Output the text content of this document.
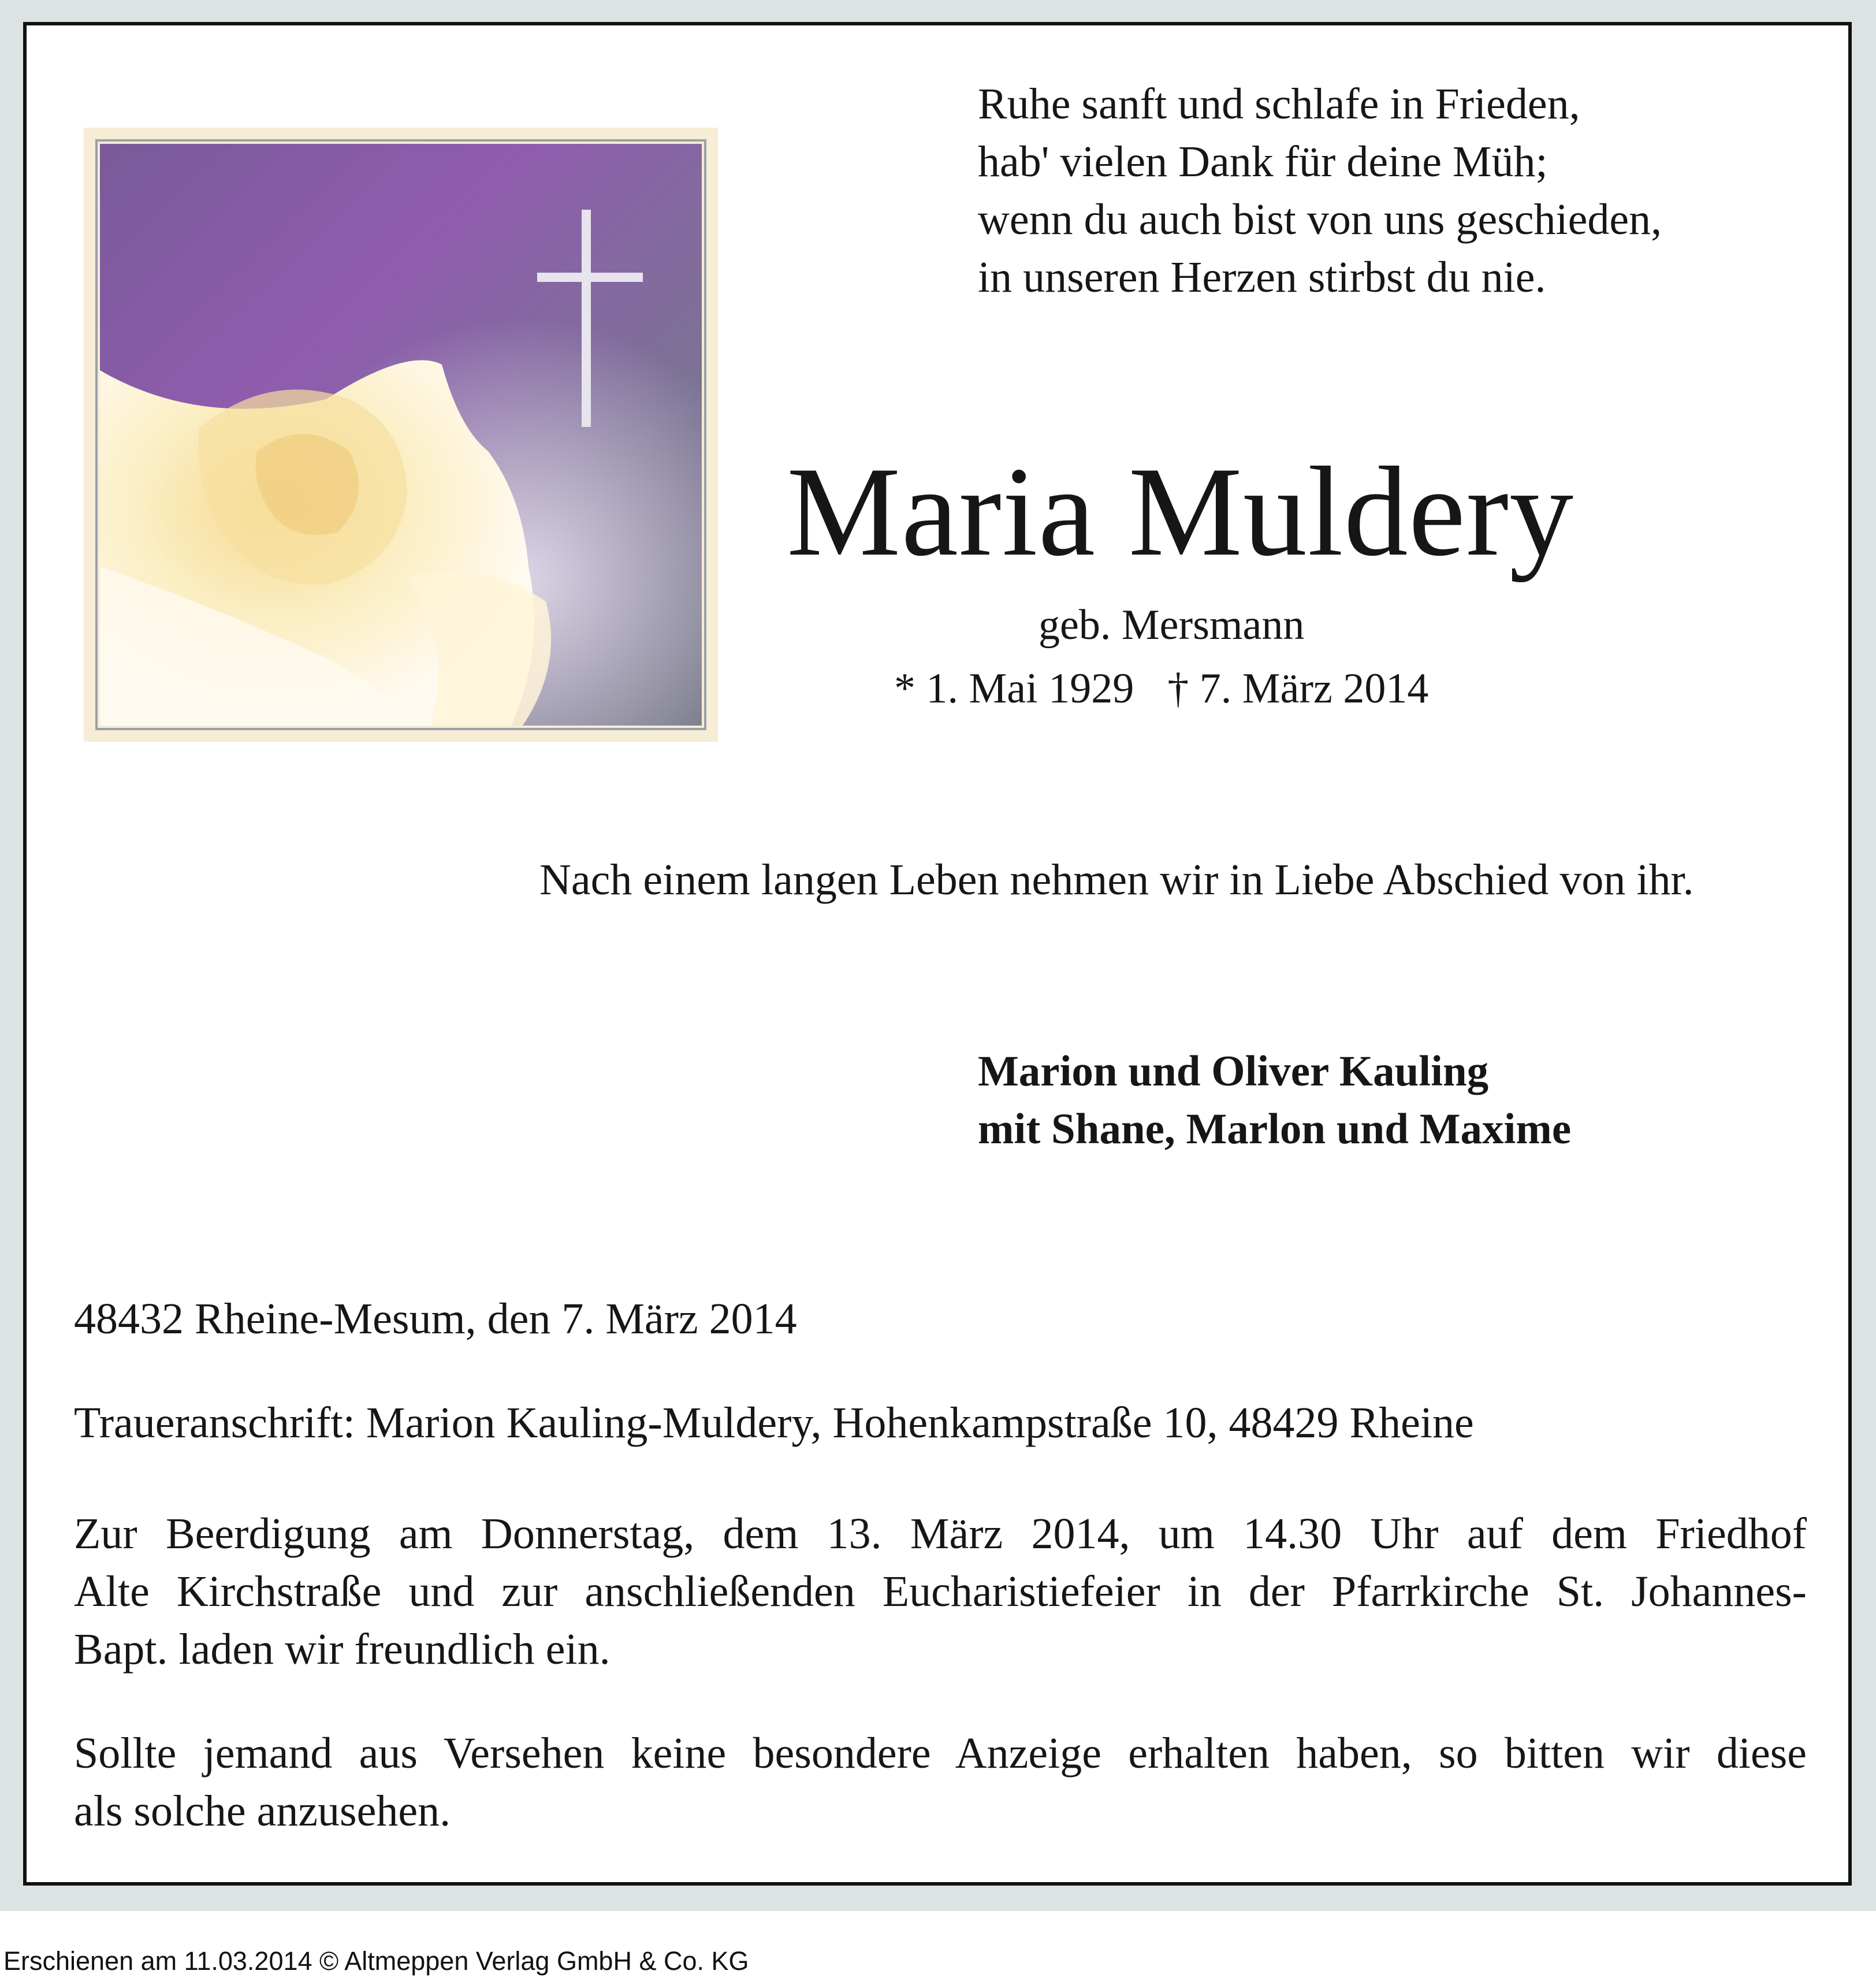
Ruhe sanft und schlafe in Frieden,
hab' vielen Dank für deine Müh;
wenn du auch bist von uns geschieden,
in unseren Herzen stirbst du nie.
Maria Muldery
geb. Mersmann
* 1. Mai 1929 † 7. März 2014
Nach einem langen Leben nehmen wir in Liebe Abschied von ihr.
Marion und Oliver Kauling
mit Shane, Marlon und Maxime
48432 Rheine-Mesum, den 7. März 2014
Traueranschrift: Marion Kauling-Muldery, Hohenkampstraße 10, 48429 Rheine
Zur Beerdigung am Donnerstag, dem 13. März 2014, um 14.30 Uhr auf dem Friedhof
Alte Kirchstraße und zur anschließenden Eucharistiefeier in der Pfarrkirche St. Johannes-
Bapt. laden wir freundlich ein.
Sollte jemand aus Versehen keine besondere Anzeige erhalten haben, so bitten wir diese
als solche anzusehen.
Erschienen am 11.03.2014 © Altmeppen Verlag GmbH & Co. KG
